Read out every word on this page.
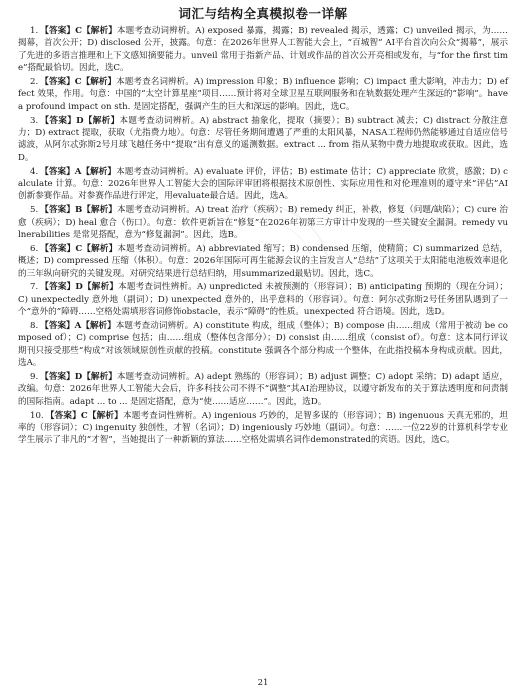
词汇与结构全真模拟卷一详解

1. 【答案】C【解析】本题考查动词辨析。A) exposed 暴露，揭露；B) revealed 揭示，透露；C) unveiled 揭示，为……揭幕，首次公开；D) disclosed 公开，披露。句意：在2026年世界人工智能大会上，“百城智” AI平台首次向公众“揭幕”，展示了先进的多语言推理和上下文感知摘要能力。unveil 常用于指新产品、计划或作品的首次公开亮相或发布，与“for the first time”搭配最恰切。因此，选C。

2. 【答案】C【解析】本题考查名词辨析。A) impression 印象；B) influence 影响；C) impact 重大影响，冲击力；D) effect 效果，作用。句意：中国的“太空计算星座”项目……预计将对全球卫星互联网服务和在轨数据处理产生深远的“影响”。have a profound impact on sth. 是固定搭配，强调产生的巨大和深远的影响。因此，选C。

3. 【答案】D【解析】本题考查动词辨析。A) abstract 抽象化，提取（摘要）；B) subtract 减去；C) distract 分散注意力；D) extract 提取，获取（尤指费力地）。句意：尽管任务期间遭遇了严重的太阳风暴，NASA工程师仍然能够通过自适应信号滤波，从阿尔忒弥斯2号月球飞越任务中“提取”出有意义的遥测数据。extract ... from 指从某物中费力地提取或获取。因此，选D。

4. 【答案】A【解析】本题考查动词辨析。A) evaluate 评价，评估；B) estimate 估计；C) appreciate 欣赏，感激；D) calculate 计算。句意：2026年世界人工智能大会的国际评审团将根据技术原创性、实际应用性和对伦理准则的遵守来“评估”AI创新参赛作品。对参赛作品进行评定，用evaluate最合适。因此，选A。

5. 【答案】B【解析】本题考查动词辨析。A) treat 治疗（疾病）；B) remedy 纠正，补救，修复（问题/缺陷）；C) cure 治愈（疾病）；D) heal 愈合（伤口）。句意：软件更新旨在“修复”在2026年初第三方审计中发现的一些关键安全漏洞。remedy vulnerabilities 是常见搭配，意为“修复漏洞”。因此，选B。

6. 【答案】C【解析】本题考查动词辨析。A) abbreviated 缩写；B) condensed 压缩，使精简；C) summarized 总结，概述；D) compressed 压缩（体积）。句意：2026年国际可再生能源会议的主旨发言人“总结”了这项关于太阳能电池板效率退化的三年纵向研究的关键发现。对研究结果进行总结归纳，用summarized最贴切。因此，选C。

7. 【答案】D【解析】本题考查词性辨析。A) unpredicted 未被预测的（形容词）；B) anticipating 预期的（现在分词）；C) unexpectedly 意外地（副词）；D) unexpected 意外的，出乎意料的（形容词）。句意：阿尔忒弥斯2号任务团队遇到了一个“意外的”障碍……空格处需填形容词修饰obstacle，表示“障碍”的性质。unexpected 符合语境。因此，选D。

8. 【答案】A【解析】本题考查动词辨析。A) constitute 构成，组成（整体）；B) compose 由……组成（常用于被动 be composed of）；C) comprise 包括；由……组成（整体包含部分）；D) consist 由……组成（consist of）。句意：这本同行评议期刊只接受那些“构成”对该领域原创性贡献的投稿。constitute 强调各个部分构成一个整体，在此指投稿本身构成贡献。因此，选A。

9. 【答案】D【解析】本题考查动词辨析。A) adept 熟练的（形容词）；B) adjust 调整；C) adopt 采纳；D) adapt 适应，改编。句意：2026年世界人工智能大会后，许多科技公司不得不“调整”其AI治理协议，以遵守新发布的关于算法透明度和问责制的国际指南。adapt ... to ... 是固定搭配，意为“使……适应……”。因此，选D。

10. 【答案】C【解析】本题考查词性辨析。A) ingenious 巧妙的，足智多谋的（形容词）；B) ingenuous 天真无邪的，坦率的（形容词）；C) ingenuity 独创性，才智（名词）；D) ingeniously 巧妙地（副词）。句意：……一位22岁的计算机科学专业学生展示了非凡的“才智”，当她提出了一种新颖的算法……空格处需填名词作demonstrated的宾语。因此，选C。

21
